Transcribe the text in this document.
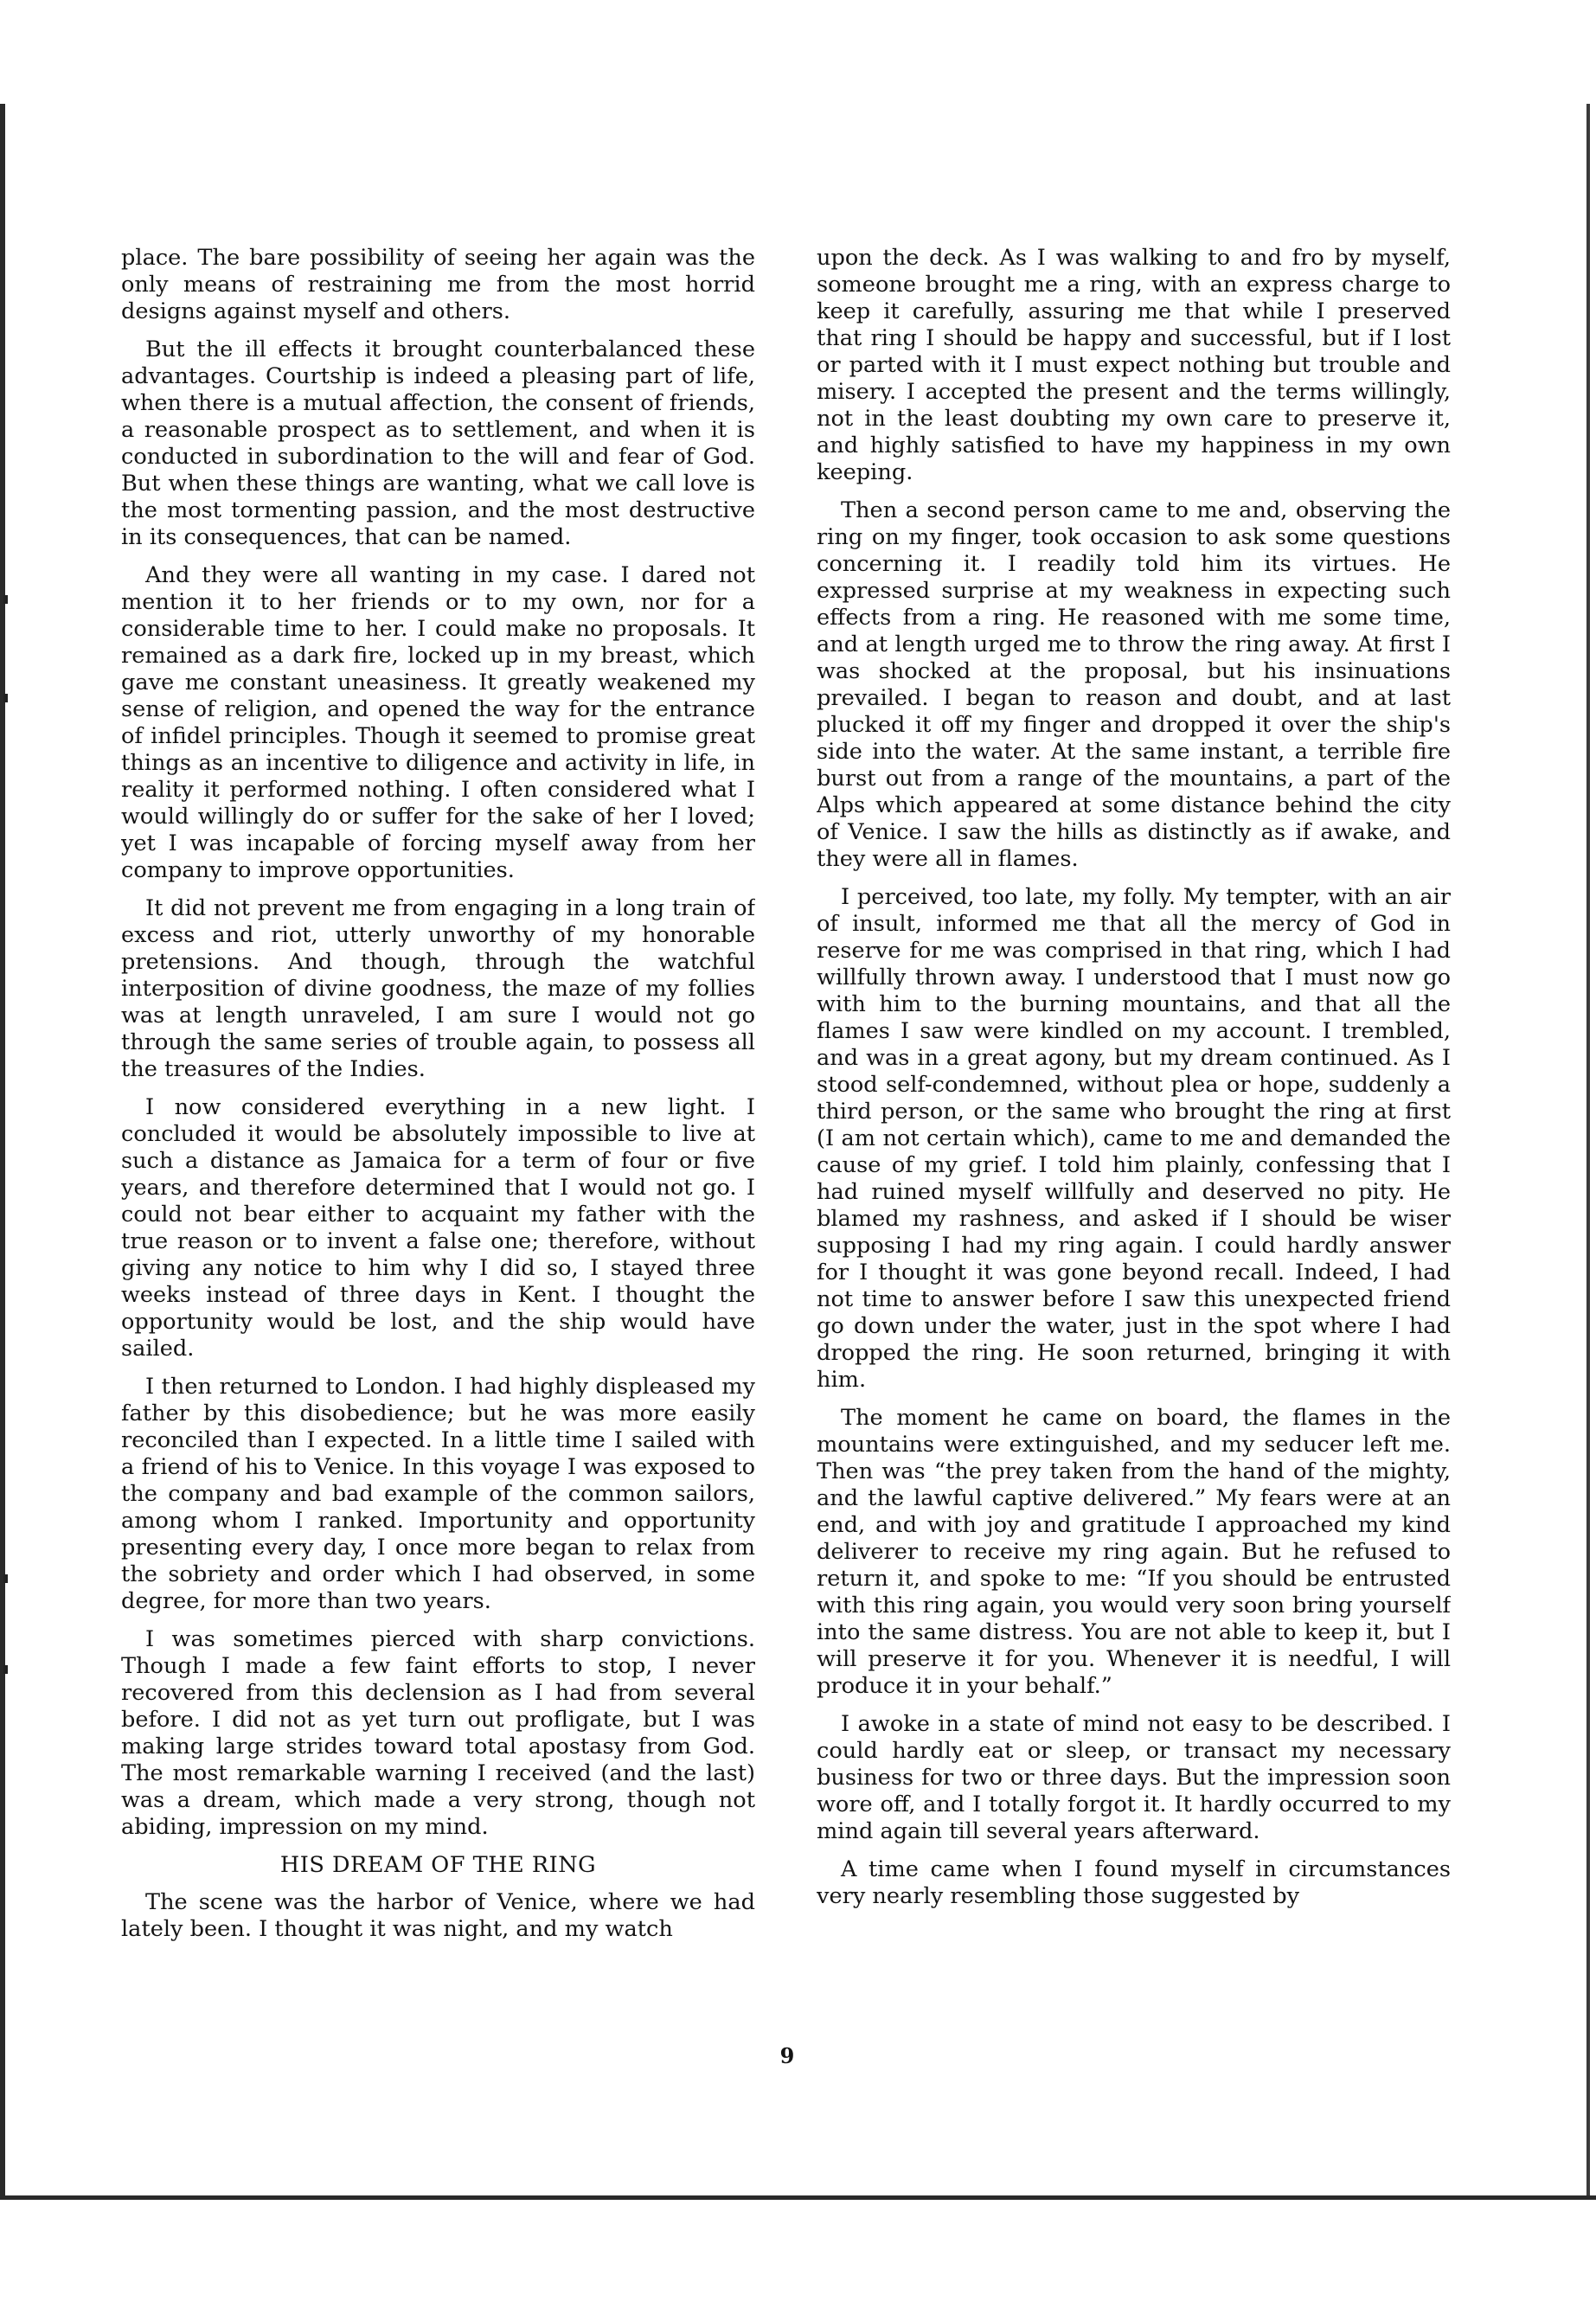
place. The bare possibility of seeing her again was the only means of restraining me from the most horrid designs against myself and others.

But the ill effects it brought counterbalanced these advantages. Courtship is indeed a pleasing part of life, when there is a mutual affection, the consent of friends, a reasonable prospect as to settlement, and when it is conducted in subordination to the will and fear of God. But when these things are wanting, what we call love is the most tormenting passion, and the most destructive in its consequences, that can be named.

And they were all wanting in my case. I dared not mention it to her friends or to my own, nor for a considerable time to her. I could make no proposals. It remained as a dark fire, locked up in my breast, which gave me constant uneasiness. It greatly weakened my sense of religion, and opened the way for the entrance of infidel principles. Though it seemed to promise great things as an incentive to diligence and activity in life, in reality it performed nothing. I often considered what I would willingly do or suffer for the sake of her I loved; yet I was incapable of forcing myself away from her company to improve opportunities.

It did not prevent me from engaging in a long train of excess and riot, utterly unworthy of my honorable pretensions. And though, through the watchful interposition of divine goodness, the maze of my follies was at length unraveled, I am sure I would not go through the same series of trouble again, to possess all the treasures of the Indies.

I now considered everything in a new light. I concluded it would be absolutely impossible to live at such a distance as Jamaica for a term of four or five years, and therefore determined that I would not go. I could not bear either to acquaint my father with the true reason or to invent a false one; therefore, without giving any notice to him why I did so, I stayed three weeks instead of three days in Kent. I thought the opportunity would be lost, and the ship would have sailed.

I then returned to London. I had highly displeased my father by this disobedience; but he was more easily reconciled than I expected. In a little time I sailed with a friend of his to Venice. In this voyage I was exposed to the company and bad example of the common sailors, among whom I ranked. Importunity and opportunity presenting every day, I once more began to relax from the sobriety and order which I had observed, in some degree, for more than two years.

I was sometimes pierced with sharp convictions. Though I made a few faint efforts to stop, I never recovered from this declension as I had from several before. I did not as yet turn out profligate, but I was making large strides toward total apostasy from God. The most remarkable warning I received (and the last) was a dream, which made a very strong, though not abiding, impression on my mind.

HIS DREAM OF THE RING

The scene was the harbor of Venice, where we had lately been. I thought it was night, and my watch

upon the deck. As I was walking to and fro by myself, someone brought me a ring, with an express charge to keep it carefully, assuring me that while I preserved that ring I should be happy and successful, but if I lost or parted with it I must expect nothing but trouble and misery. I accepted the present and the terms willingly, not in the least doubting my own care to preserve it, and highly satisfied to have my happiness in my own keeping.

Then a second person came to me and, observing the ring on my finger, took occasion to ask some questions concerning it. I readily told him its virtues. He expressed surprise at my weakness in expecting such effects from a ring. He reasoned with me some time, and at length urged me to throw the ring away. At first I was shocked at the proposal, but his insinuations prevailed. I began to reason and doubt, and at last plucked it off my finger and dropped it over the ship's side into the water. At the same instant, a terrible fire burst out from a range of the mountains, a part of the Alps which appeared at some distance behind the city of Venice. I saw the hills as distinctly as if awake, and they were all in flames.

I perceived, too late, my folly. My tempter, with an air of insult, informed me that all the mercy of God in reserve for me was comprised in that ring, which I had willfully thrown away. I understood that I must now go with him to the burning mountains, and that all the flames I saw were kindled on my account. I trembled, and was in a great agony, but my dream continued. As I stood self-condemned, without plea or hope, suddenly a third person, or the same who brought the ring at first (I am not certain which), came to me and demanded the cause of my grief. I told him plainly, confessing that I had ruined myself willfully and deserved no pity. He blamed my rashness, and asked if I should be wiser supposing I had my ring again. I could hardly answer for I thought it was gone beyond recall. Indeed, I had not time to answer before I saw this unexpected friend go down under the water, just in the spot where I had dropped the ring. He soon returned, bringing it with him.

The moment he came on board, the flames in the mountains were extinguished, and my seducer left me. Then was “the prey taken from the hand of the mighty, and the lawful captive delivered.” My fears were at an end, and with joy and gratitude I approached my kind deliverer to receive my ring again. But he refused to return it, and spoke to me: “If you should be entrusted with this ring again, you would very soon bring yourself into the same distress. You are not able to keep it, but I will preserve it for you. Whenever it is needful, I will produce it in your behalf.”

I awoke in a state of mind not easy to be described. I could hardly eat or sleep, or transact my necessary business for two or three days. But the impression soon wore off, and I totally forgot it. It hardly occurred to my mind again till several years afterward.

A time came when I found myself in circumstances very nearly resembling those suggested by

9
